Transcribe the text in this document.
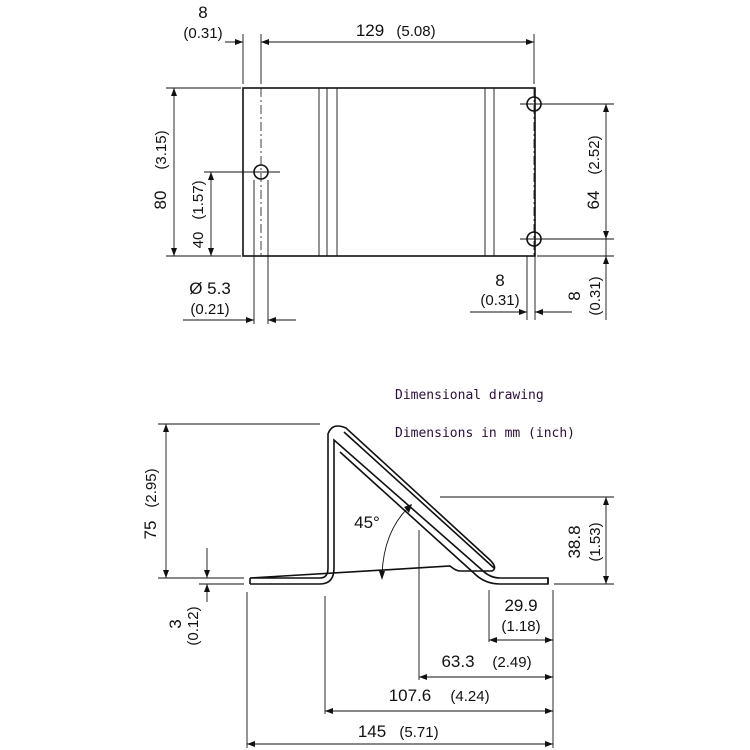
8
(0.31)	129 (5.08)
80
(3.15)
40
(1.57)	64
(2.52)
8 (0.31)
Ø 5.3
(0.21)
8
(0.31)
45°
75
(2.95)
3 (0.12)
38.8 (1.53)
29.9
(1.18)
63.3 (2.49)
107.6 (4.24)
145 (5.71)
Dimensional drawing
Dimensions in mm (inch)
